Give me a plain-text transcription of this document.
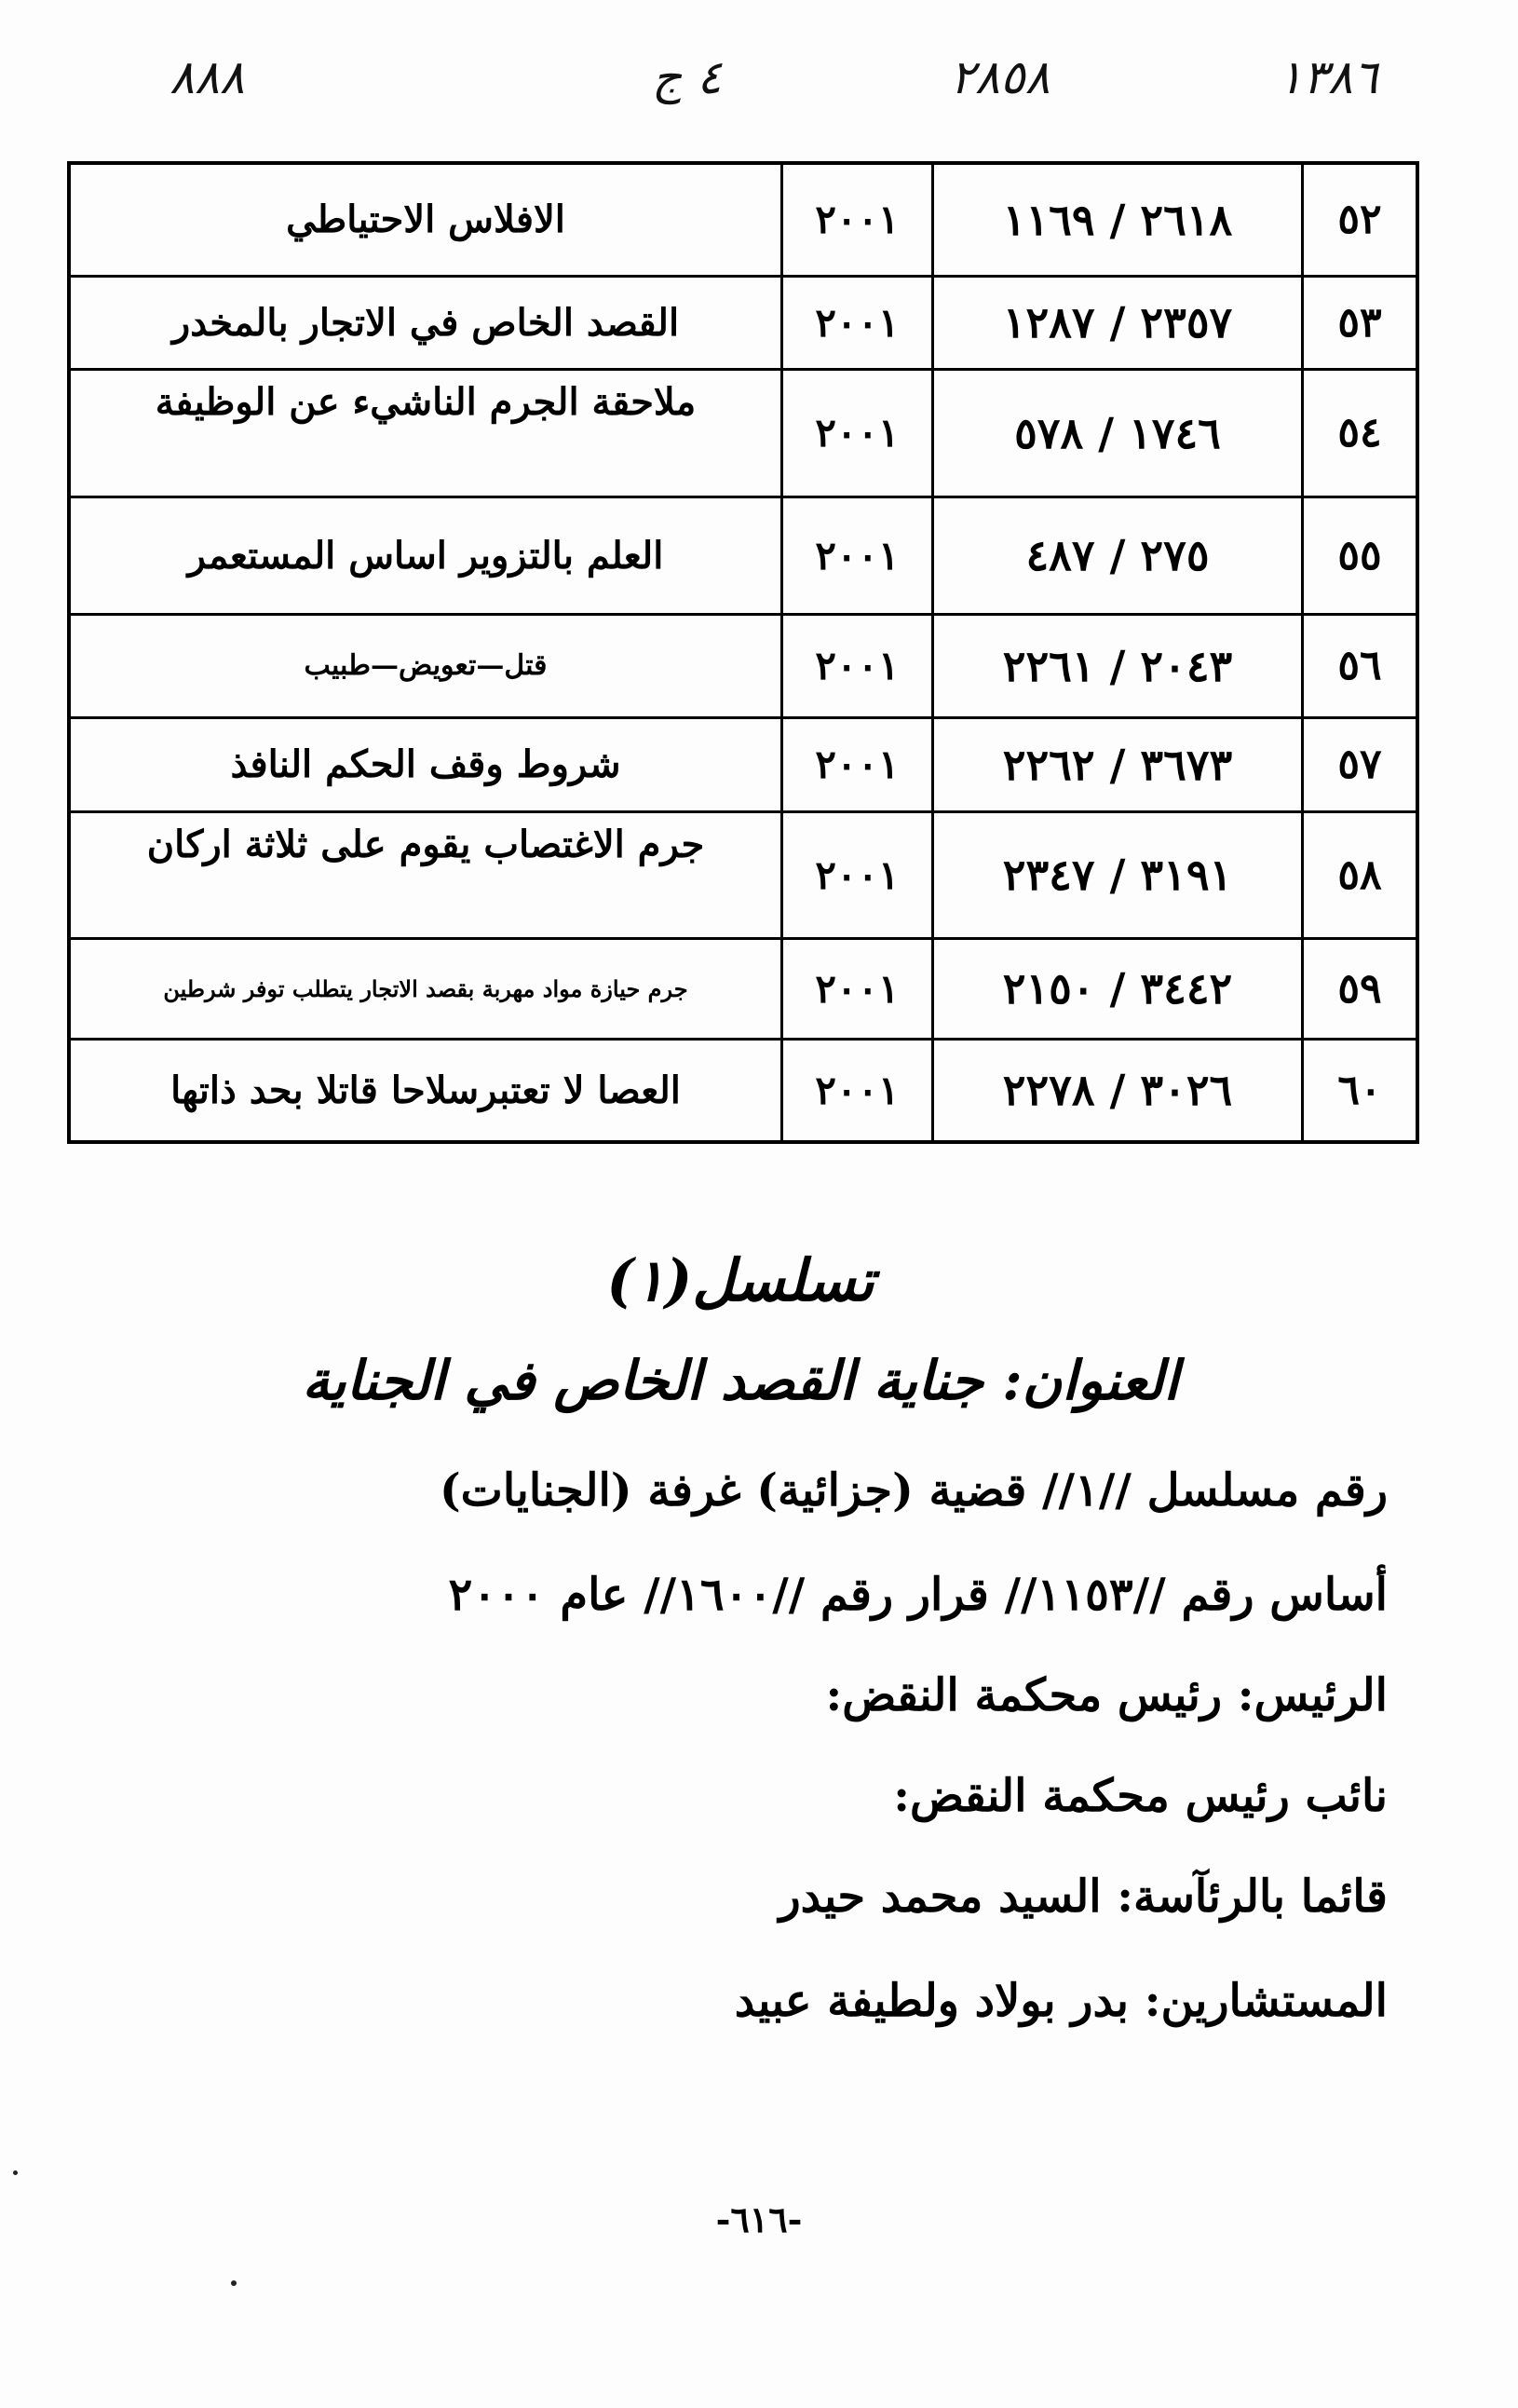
١٣٨٦
٢٨٥٨
٤ ج
٨٨٨
٥٢	٢٦١٨ / ١١٦٩	٢٠٠١	الافلاس الاحتياطي
٥٣	٢٣٥٧ / ١٢٨٧	٢٠٠١	القصد الخاص في الاتجار بالمخدر
٥٤	١٧٤٦ / ٥٧٨	٢٠٠١	ملاحقة الجرم الناشيء عن الوظيفة
٥٥	٢٧٥ / ٤٨٧	٢٠٠١	العلم بالتزوير اساس المستعمر
٥٦	٢٠٤٣ / ٢٢٦١	٢٠٠١	قتل—تعويض—طبيب
٥٧	٣٦٧٣ / ٢٢٦٢	٢٠٠١	شروط وقف الحكم النافذ
٥٨	٣١٩١ / ٢٣٤٧	٢٠٠١	جرم الاغتصاب يقوم على ثلاثة اركان
٥٩	٣٤٤٢ / ٢١٥٠	٢٠٠١	جرم حيازة مواد مهربة بقصد الاتجار يتطلب توفر شرطين
٦٠	٣٠٢٦ / ٢٢٧٨	٢٠٠١	العصا لا تعتبرسلاحا قاتلا بحد ذاتها
تسلسل(١)
العنوان: جناية القصد الخاص في الجناية
رقم مسلسل //١// قضية (جزائية) غرفة (الجنايات)
أساس رقم //١١٥٣// قرار رقم //١٦٠٠// عام ٢٠٠٠
الرئيس: رئيس محكمة النقض:
نائب رئيس محكمة النقض:
قائما بالرئآسة: السيد محمد حيدر
المستشارين: بدر بولاد ولطيفة عبيد
-٦١٦-
